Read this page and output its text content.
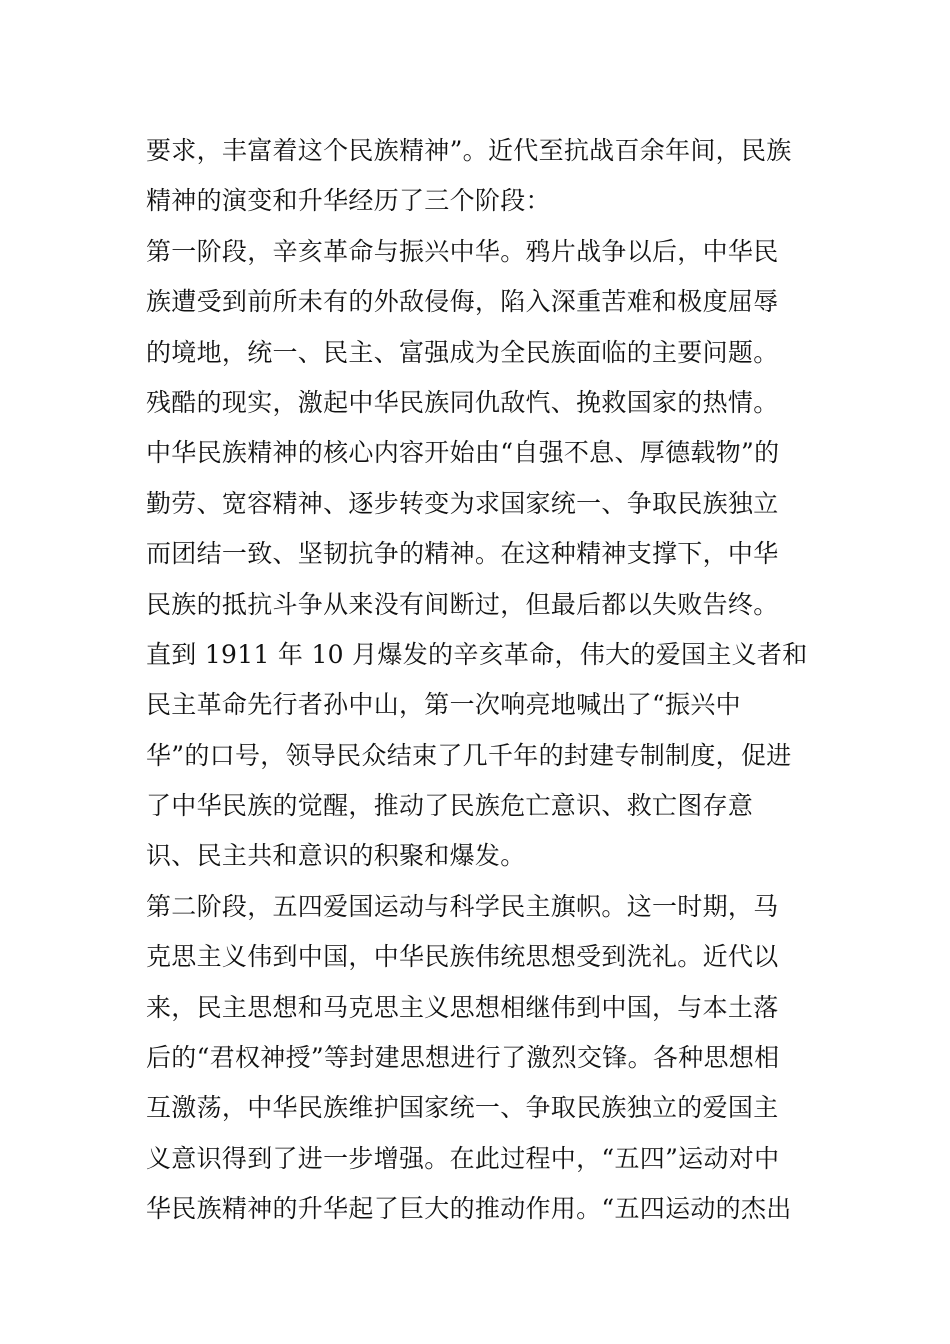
要求，丰富着这个民族精神”。近代至抗战百余年间，民族
精神的演变和升华经历了三个阶段：
第一阶段，辛亥革命与振兴中华。鸦片战争以后，中华民
族遭受到前所未有的外敌侵侮，陷入深重苦难和极度屈辱
的境地，统一、民主、富强成为全民族面临的主要问题。
残酷的现实，激起中华民族同仇敌忾、挽救国家的热情。
中华民族精神的核心内容开始由“自强不息、厚德载物”的
勤劳、宽容精神、逐步转变为求国家统一、争取民族独立
而团结一致、坚韧抗争的精神。在这种精神支撑下，中华
民族的抵抗斗争从来没有间断过，但最后都以失败告终。
直到 1911 年 10 月爆发的辛亥革命，伟大的爱国主义者和
民主革命先行者孙中山，第一次响亮地喊出了“振兴中
华”的口号，领导民众结束了几千年的封建专制制度，促进
了中华民族的觉醒，推动了民族危亡意识、救亡图存意
识、民主共和意识的积聚和爆发。
第二阶段，五四爱国运动与科学民主旗帜。这一时期，马
克思主义伟到中国，中华民族伟统思想受到洗礼。近代以
来，民主思想和马克思主义思想相继伟到中国，与本土落
后的“君权神授”等封建思想进行了激烈交锋。各种思想相
互激荡，中华民族维护国家统一、争取民族独立的爱国主
义意识得到了进一步增强。在此过程中，“五四”运动对中
华民族精神的升华起了巨大的推动作用。“五四运动的杰出
